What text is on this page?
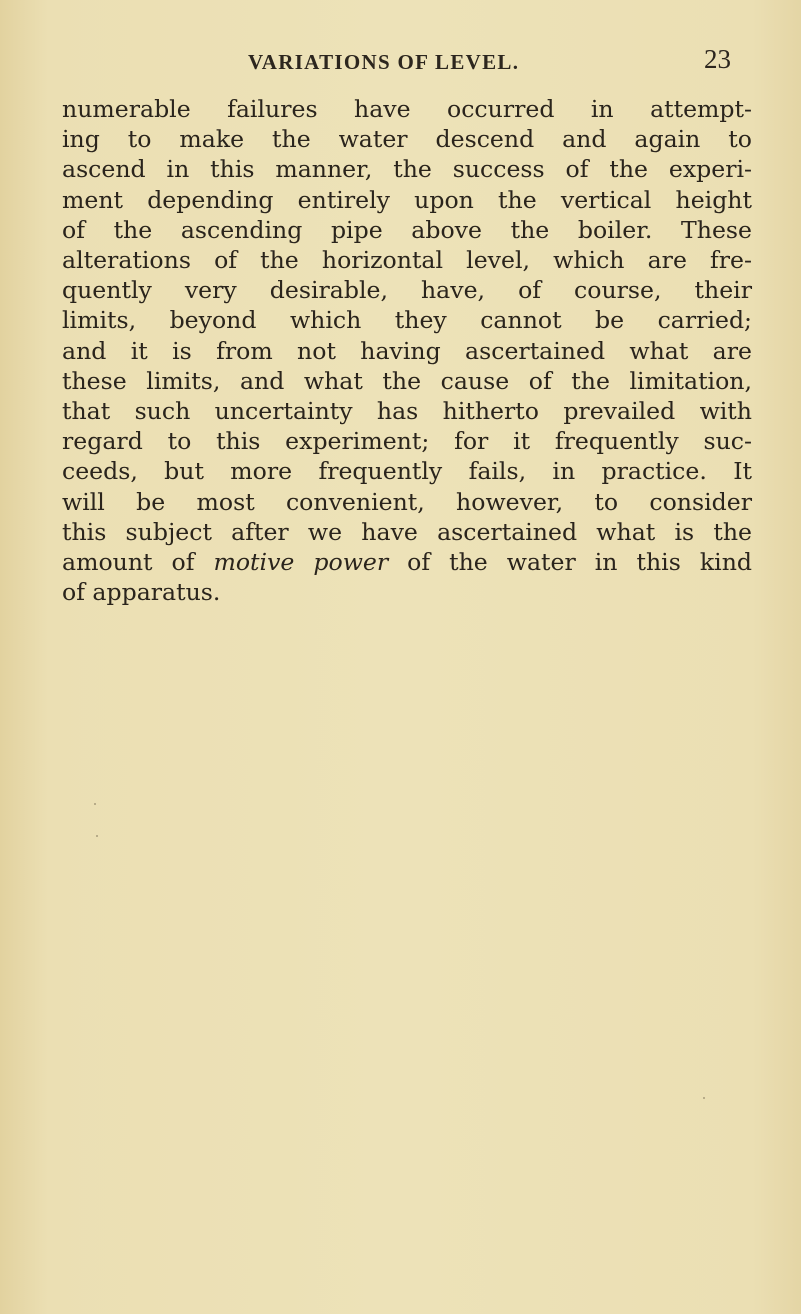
VARIATIONS OF LEVEL.	23
numerable failures have occurred in attempt-
ing to make the water descend and again to
ascend in this manner, the success of the experi-
ment depending entirely upon the vertical height
of the ascending pipe above the boiler. These
alterations of the horizontal level, which are fre-
quently very desirable, have, of course, their
limits, beyond which they cannot be carried;
and it is from not having ascertained what are
these limits, and what the cause of the limitation,
that such uncertainty has hitherto prevailed with
regard to this experiment; for it frequently suc-
ceeds, but more frequently fails, in practice. It
will be most convenient, however, to consider
this subject after we have ascertained what is the
amount of motive power of the water in this kind
of apparatus.
